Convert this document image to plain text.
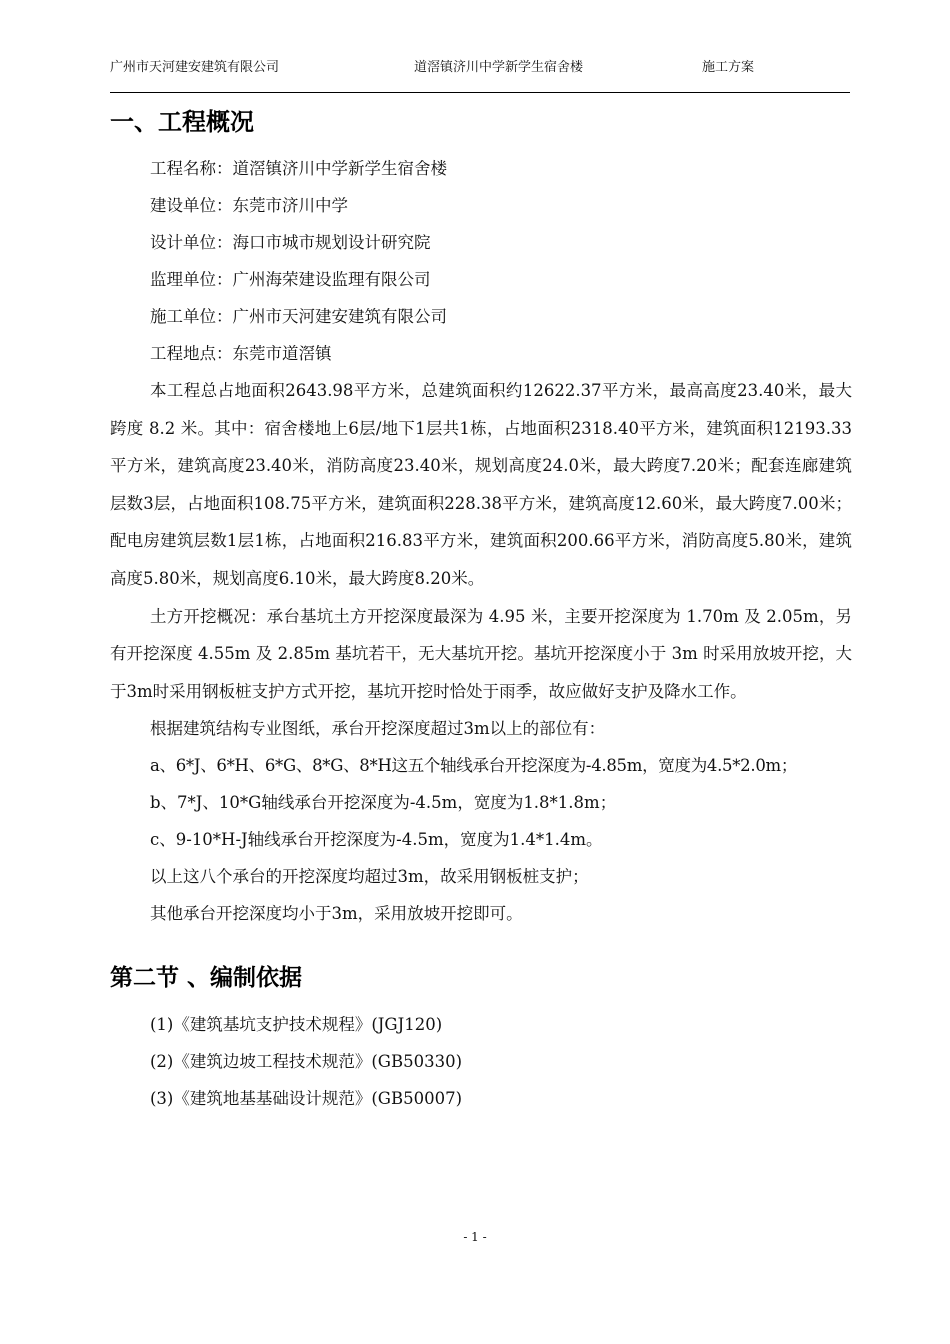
广州市天河建安建筑有限公司	道滘镇济川中学新学生宿舍楼	施工方案
一、工程概况
工程名称：道滘镇济川中学新学生宿舍楼
建设单位：东莞市济川中学
设计单位：海口市城市规划设计研究院
监理单位：广州海荣建设监理有限公司
施工单位：广州市天河建安建筑有限公司
工程地点：东莞市道滘镇

本工程总占地面积2643.98平方米，总建筑面积约12622.37平方米，最高高度23.40米，最大跨度 8.2 米。其中：宿舍楼地上6层/地下1层共1栋，占地面积2318.40平方米，建筑面积12193.33平方米，建筑高度23.40米，消防高度23.40米，规划高度24.0米，最大跨度7.20米；配套连廊建筑层数3层，占地面积108.75平方米，建筑面积228.38平方米，建筑高度12.60米，最大跨度7.00米；配电房建筑层数1层1栋，占地面积216.83平方米，建筑面积200.66平方米，消防高度5.80米，建筑高度5.80米，规划高度6.10米，最大跨度8.20米。

土方开挖概况：承台基坑土方开挖深度最深为 4.95 米，主要开挖深度为 1.70m 及 2.05m，另有开挖深度 4.55m 及 2.85m 基坑若干，无大基坑开挖。基坑开挖深度小于 3m 时采用放坡开挖，大于3m时采用钢板桩支护方式开挖，基坑开挖时恰处于雨季，故应做好支护及降水工作。

根据建筑结构专业图纸，承台开挖深度超过3m以上的部位有：
a、6*J、6*H、6*G、8*G、8*H这五个轴线承台开挖深度为-4.85m，宽度为4.5*2.0m；
b、7*J、10*G轴线承台开挖深度为-4.5m，宽度为1.8*1.8m；
c、9-10*H-J轴线承台开挖深度为-4.5m，宽度为1.4*1.4m。
以上这八个承台的开挖深度均超过3m，故采用钢板桩支护；
其他承台开挖深度均小于3m，采用放坡开挖即可。
第二节 、编制依据
(1)《建筑基坑支护技术规程》(JGJ120)
(2)《建筑边坡工程技术规范》(GB50330)
(3)《建筑地基基础设计规范》(GB50007)
- 1 -
